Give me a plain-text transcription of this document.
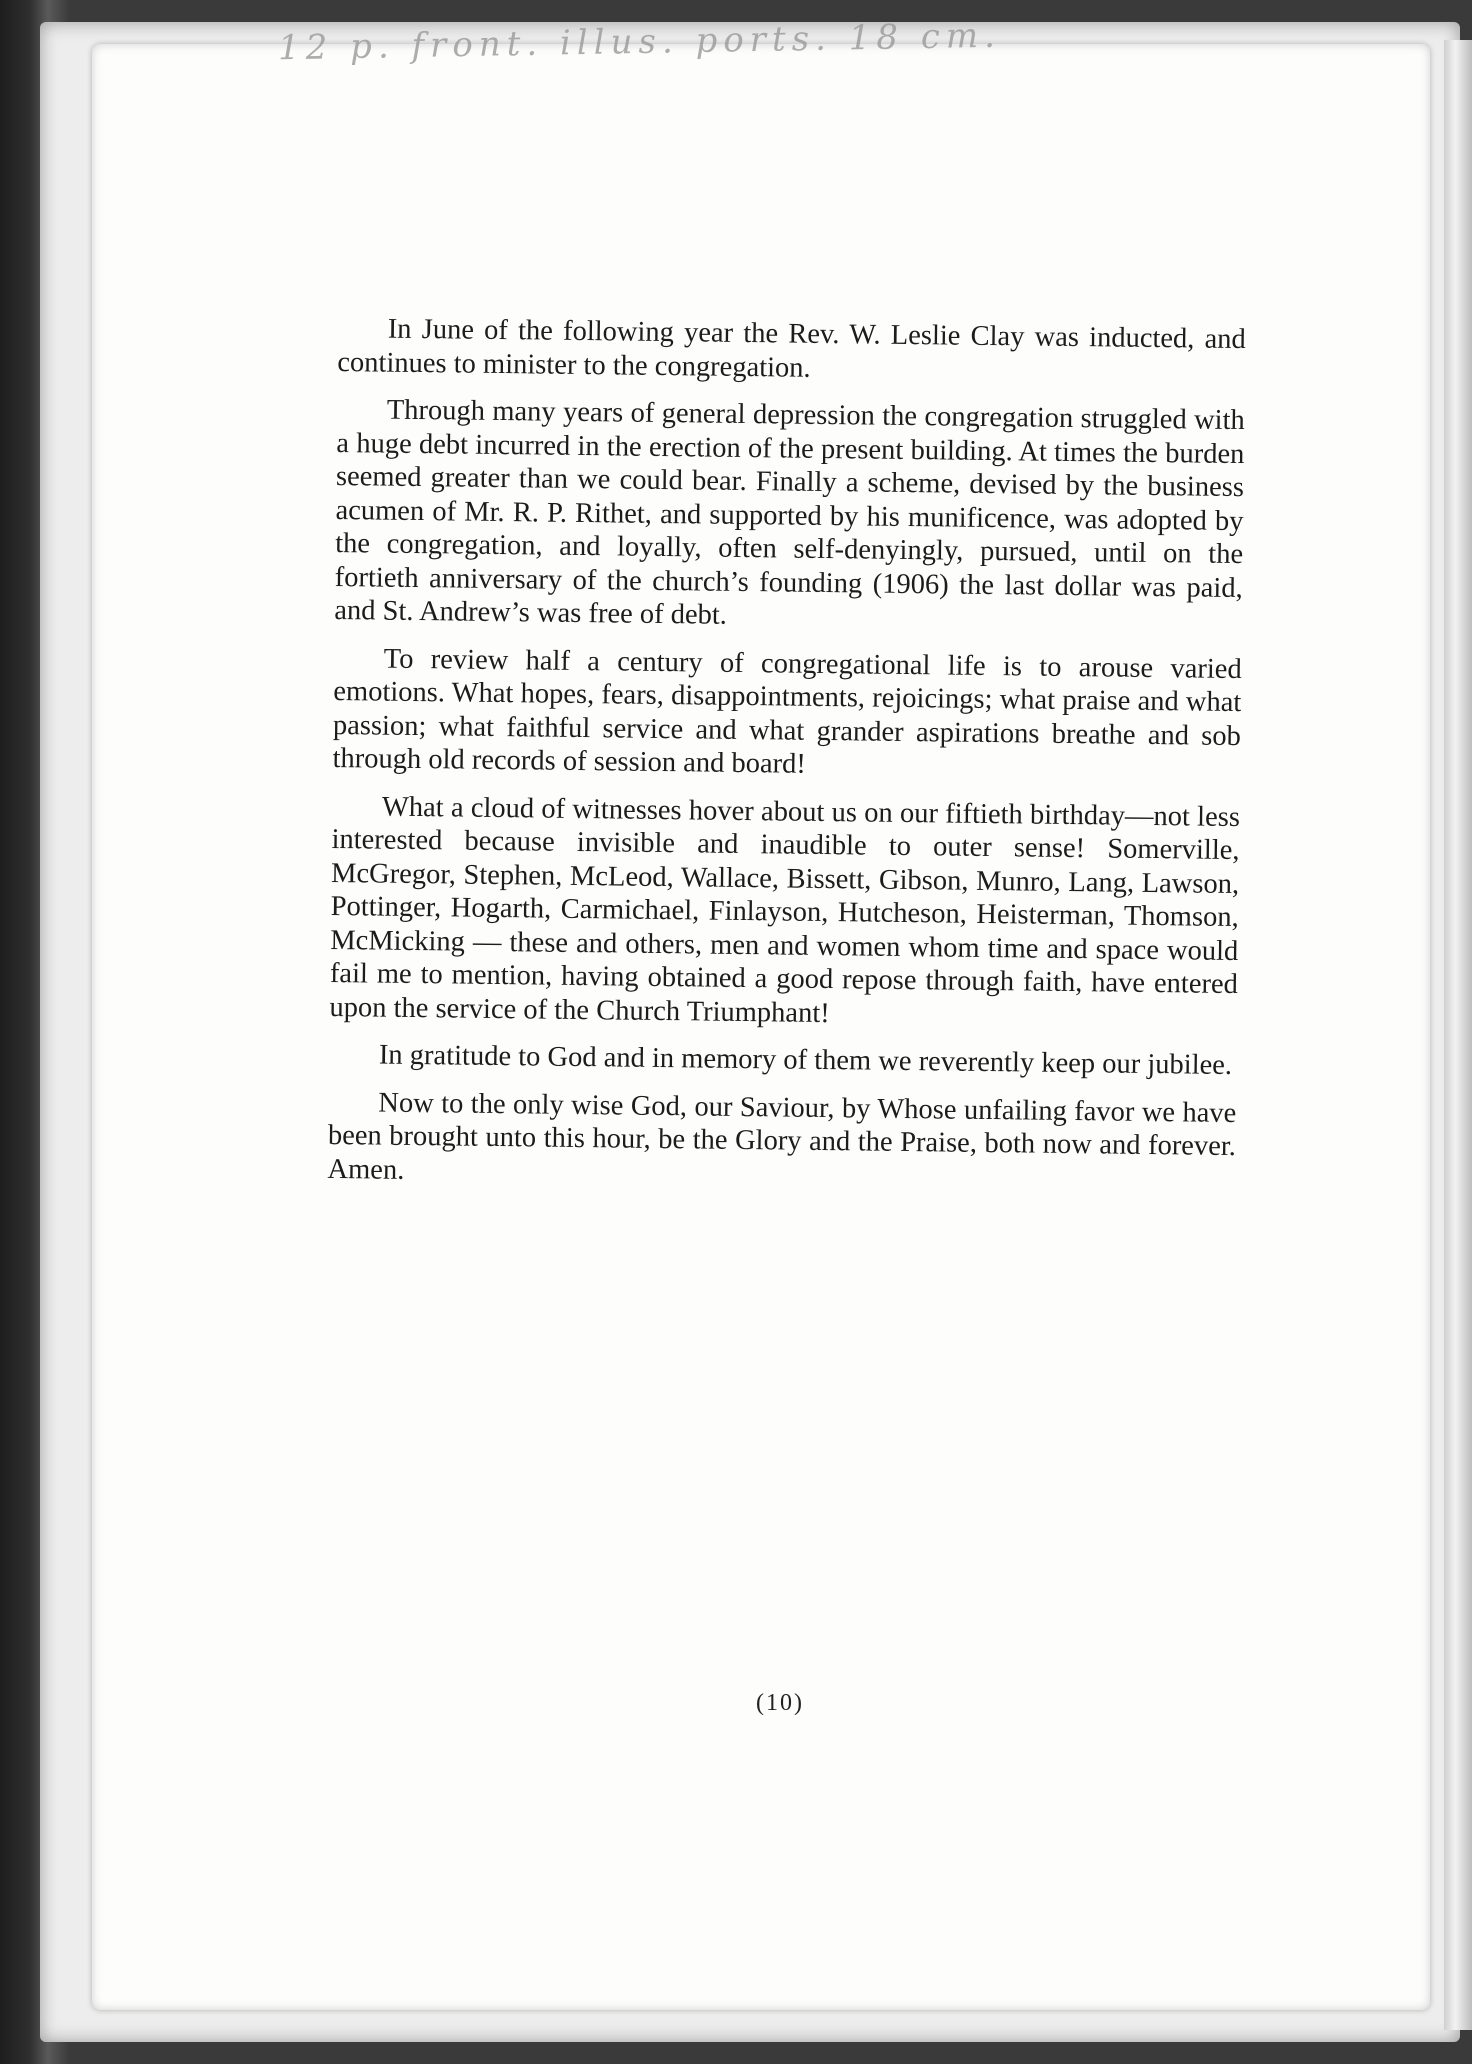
12 p. front. illus. ports. 18 cm.

In June of the following year the Rev. W. Leslie Clay was inducted, and continues to minister to the congregation.

Through many years of general depression the congregation struggled with a huge debt incurred in the erection of the present building. At times the burden seemed greater than we could bear. Finally a scheme, devised by the business acumen of Mr. R. P. Rithet, and supported by his munificence, was adopted by the congregation, and loyally, often self-denyingly, pursued, until on the fortieth anniversary of the church’s founding (1906) the last dollar was paid, and St. Andrew’s was free of debt.

To review half a century of congregational life is to arouse varied emotions. What hopes, fears, disappointments, rejoicings; what praise and what passion; what faithful service and what grander aspirations breathe and sob through old records of session and board!

What a cloud of witnesses hover about us on our fiftieth birthday—not less interested because invisible and inaudible to outer sense! Somerville, McGregor, Stephen, McLeod, Wallace, Bissett, Gibson, Munro, Lang, Lawson, Pottinger, Hogarth, Carmichael, Finlayson, Hutcheson, Heisterman, Thomson, McMicking — these and others, men and women whom time and space would fail me to mention, having obtained a good repose through faith, have entered upon the service of the Church Triumphant!

In gratitude to God and in memory of them we reverently keep our jubilee.

Now to the only wise God, our Saviour, by Whose unfailing favor we have been brought unto this hour, be the Glory and the Praise, both now and forever. Amen.

(10)
